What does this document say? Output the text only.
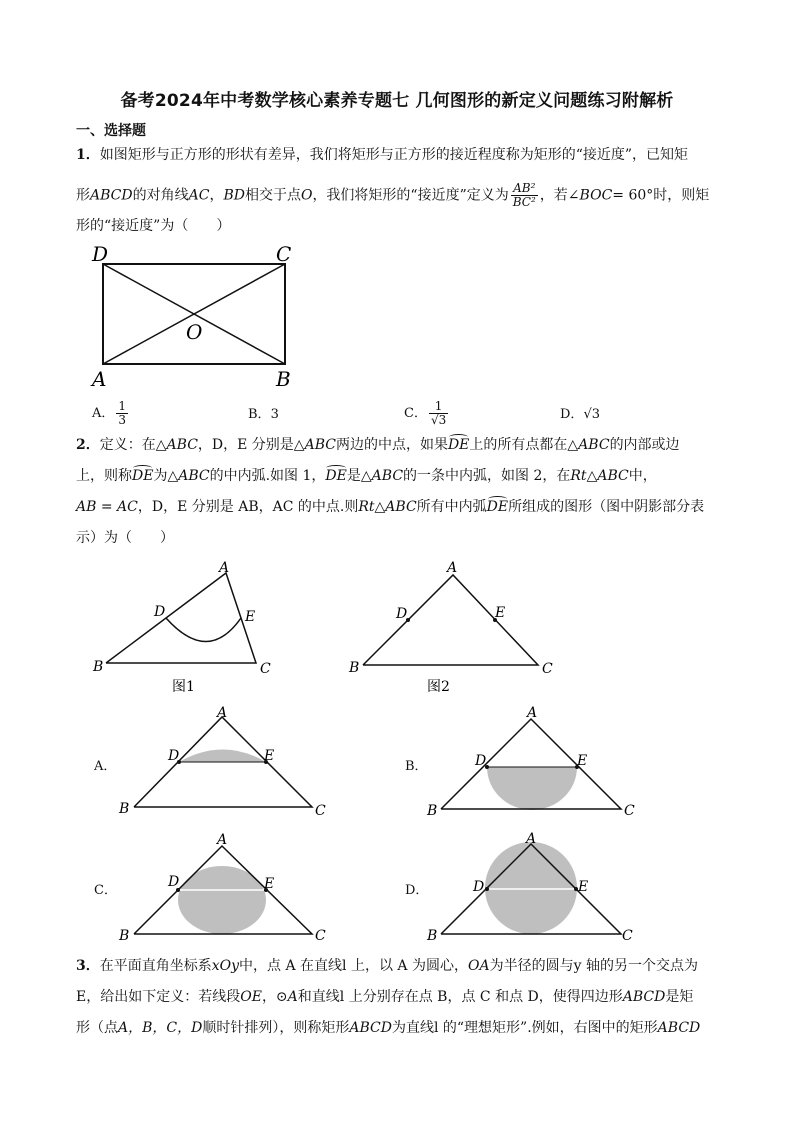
备考2024年中考数学核心素养专题七 几何图形的新定义问题练习附解析
一、选择题
1．如图矩形与正方形的形状有差异，我们将矩形与正方形的接近程度称为矩形的“接近度”，已知矩
形ABCD的对角线AC，BD相交于点O，我们将矩形的“接近度”定义为 $\frac{\text{AB²}}{\text{BC²}}$ ，若∠BOC= 60°时，则矩
形的“接近度”为（　　）
D	C
A	B
O
A． $\frac{1}{3}$	B．3	C． $\frac{1}{√3}$	D．√3
2．定义：在△ABC，D，E 分别是△ABC两边的中点，如果DE上的所有点都在△ABC的内部或边
上，则称DE为△ABC的中内弧.如图 1，DE是△ABC的一条中内弧，如图 2，在Rt△ABC中，
AB = AC，D，E 分别是 AB，AC 的中点.则Rt△ABC所有中内弧DE所组成的图形（图中阴影部分表
示）为（　　）
A
B	C
D	E
图1
A
B	C
D	E
图2
A．
A
B	C
D	E
B．
A
B	C
D	E
C．
A
B	C
D	E	D．
A
B	C
D	E
3．在平面直角坐标系xOy中，点 A 在直线l 上，以 A 为圆心，OA为半径的圆与y 轴的另一个交点为
E，给出如下定义：若线段OE，⊙A和直线l 上分别存在点 B，点 C 和点 D，使得四边形ABCD是矩
形（点A，B，C，D顺时针排列），则称矩形ABCD为直线l 的“理想矩形”.例如，右图中的矩形ABCD
